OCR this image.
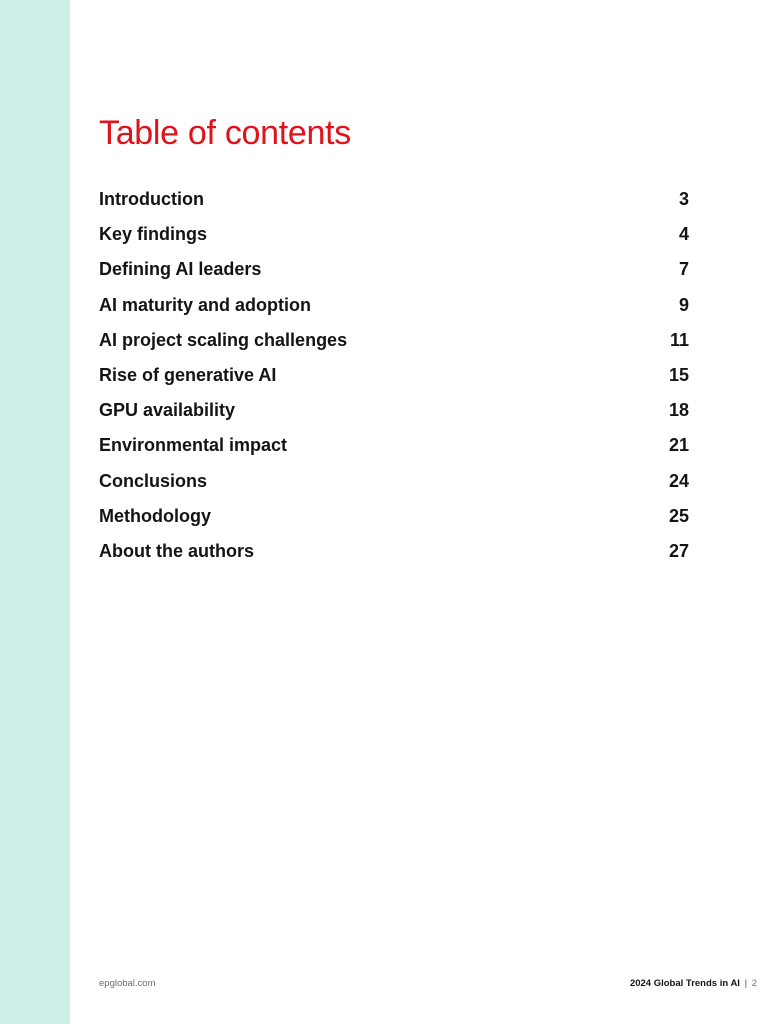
Table of contents
Introduction	3
Key findings	4
Defining AI leaders	7
AI maturity and adoption	9
AI project scaling challenges	11
Rise of generative AI	15
GPU availability	18
Environmental impact	21
Conclusions	24
Methodology	25
About the authors	27
epglobal.com	2024 Global Trends in AI | 2
